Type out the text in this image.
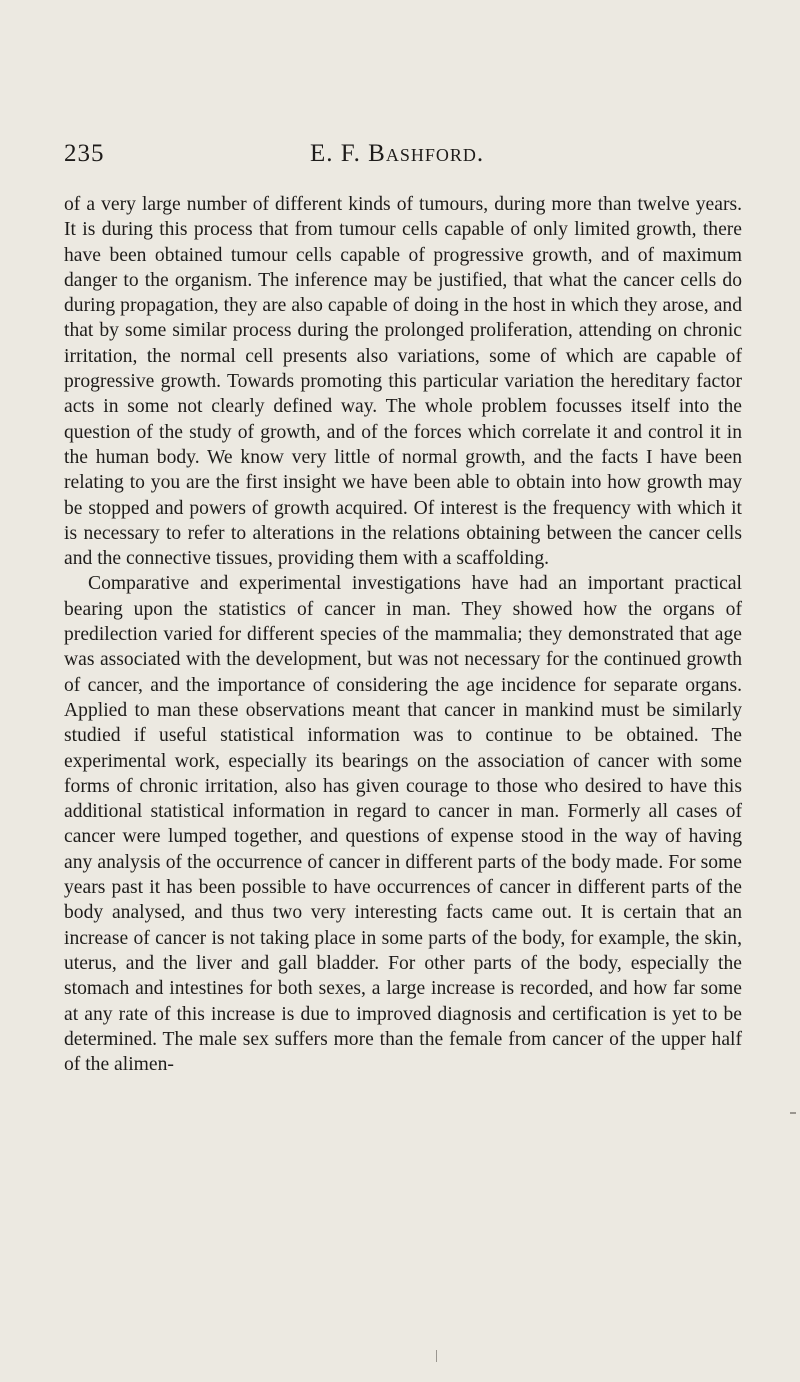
235	E. F. Bashford.

of a very large number of different kinds of tumours, during more than twelve years. It is during this process that from tumour cells capable of only limited growth, there have been obtained tumour cells capable of progressive growth, and of maximum danger to the organism. The inference may be justified, that what the cancer cells do during propagation, they are also capable of doing in the host in which they arose, and that by some similar process during the prolonged proliferation, attending on chronic irritation, the normal cell presents also variations, some of which are capable of progressive growth. Towards promoting this particular variation the hereditary factor acts in some not clearly defined way. The whole problem focusses itself into the question of the study of growth, and of the forces which correlate it and control it in the human body. We know very little of normal growth, and the facts I have been relating to you are the first insight we have been able to obtain into how growth may be stopped and powers of growth acquired. Of interest is the frequency with which it is necessary to refer to alterations in the relations obtaining between the cancer cells and the connective tissues, providing them with a scaffolding.

Comparative and experimental investigations have had an important practical bearing upon the statistics of cancer in man. They showed how the organs of predilection varied for different species of the mammalia; they demonstrated that age was associated with the development, but was not necessary for the continued growth of cancer, and the importance of considering the age incidence for separate organs. Applied to man these observations meant that cancer in mankind must be similarly studied if useful statistical information was to continue to be obtained. The experimental work, especially its bearings on the association of cancer with some forms of chronic irritation, also has given courage to those who desired to have this additional statistical information in regard to cancer in man. Formerly all cases of cancer were lumped together, and questions of expense stood in the way of having any analysis of the occurrence of cancer in different parts of the body made. For some years past it has been possible to have occurrences of cancer in different parts of the body analysed, and thus two very interesting facts came out. It is certain that an increase of cancer is not taking place in some parts of the body, for example, the skin, uterus, and the liver and gall bladder. For other parts of the body, especially the stomach and intestines for both sexes, a large increase is recorded, and how far some at any rate of this increase is due to improved diagnosis and certification is yet to be determined. The male sex suffers more than the female from cancer of the upper half of the alimen-
